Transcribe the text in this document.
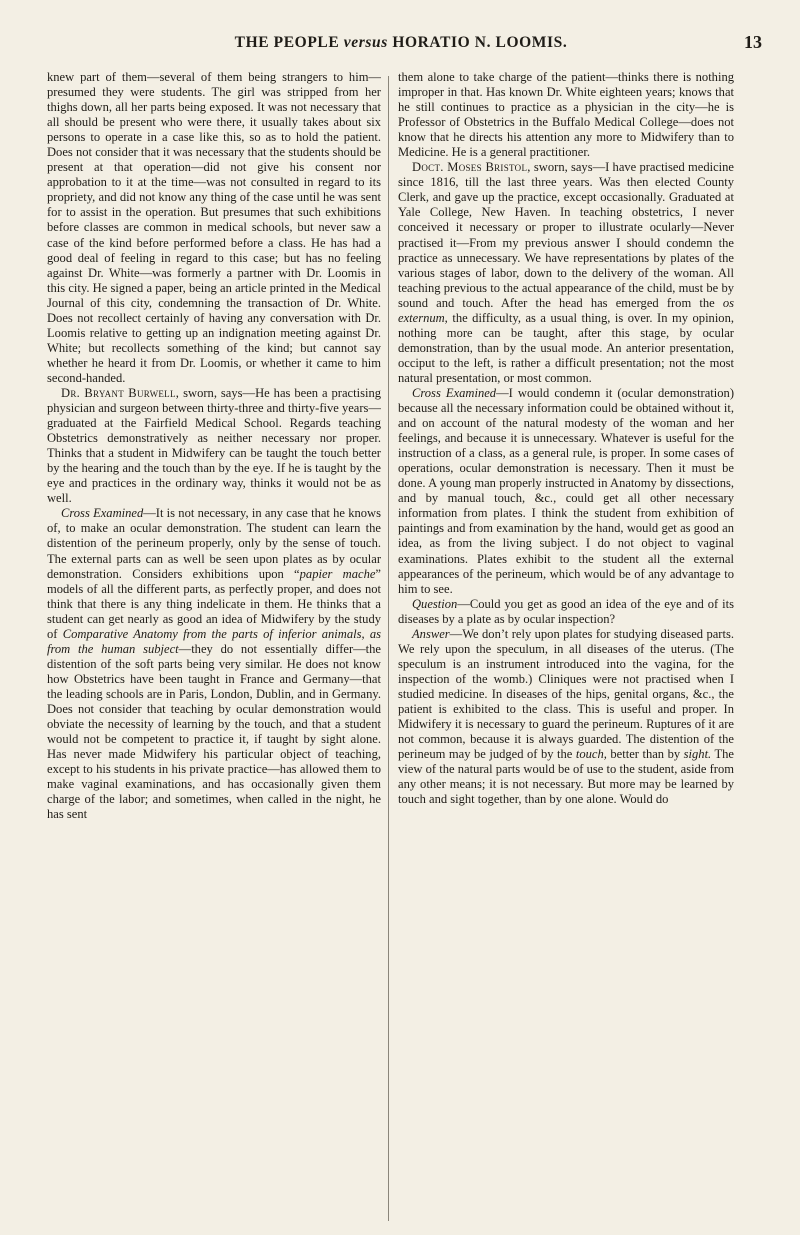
THE PEOPLE versus HORATIO N. LOOMIS.	13

knew part of them—several of them being strangers to him—presumed they were students. The girl was stripped from her thighs down, all her parts being exposed. It was not necessary that all should be present who were there, it usually takes about six persons to operate in a case like this, so as to hold the patient. Does not consider that it was necessary that the students should be present at that operation—did not give his consent nor approbation to it at the time—was not consulted in regard to its propriety, and did not know any thing of the case until he was sent for to assist in the operation. But presumes that such exhibitions before classes are common in medical schools, but never saw a case of the kind before performed before a class. He has had a good deal of feeling in regard to this case; but has no feeling against Dr. White—was formerly a partner with Dr. Loomis in this city. He signed a paper, being an article printed in the Medical Journal of this city, condemning the transaction of Dr. White. Does not recollect certainly of having any conversation with Dr. Loomis relative to getting up an indignation meeting against Dr. White; but recollects something of the kind; but cannot say whether he heard it from Dr. Loomis, or whether it came to him second-handed.

Dr. Bryant Burwell, sworn, says—He has been a practising physician and surgeon between thirty-three and thirty-five years—graduated at the Fairfield Medical School. Regards teaching Obstetrics demonstratively as neither necessary nor proper. Thinks that a student in Midwifery can be taught the touch better by the hearing and the touch than by the eye. If he is taught by the eye and practices in the ordinary way, thinks it would not be as well.

Cross Examined—It is not necessary, in any case that he knows of, to make an ocular demonstration. The student can learn the distention of the perineum properly, only by the sense of touch. The external parts can as well be seen upon plates as by ocular demonstration. Considers exhibitions upon “papier mache” models of all the different parts, as perfectly proper, and does not think that there is any thing indelicate in them. He thinks that a student can get nearly as good an idea of Midwifery by the study of Comparative Anatomy from the parts of inferior animals, as from the human subject—they do not essentially differ—the distention of the soft parts being very similar. He does not know how Obstetrics have been taught in France and Germany—that the leading schools are in Paris, London, Dublin, and in Germany. Does not consider that teaching by ocular demonstration would obviate the necessity of learning by the touch, and that a student would not be competent to practice it, if taught by sight alone. Has never made Midwifery his particular object of teaching, except to his students in his private practice—has allowed them to make vaginal examinations, and has occasionally given them charge of the labor; and sometimes, when called in the night, he has sent

them alone to take charge of the patient—thinks there is nothing improper in that. Has known Dr. White eighteen years; knows that he still continues to practice as a physician in the city—he is Professor of Obstetrics in the Buffalo Medical College—does not know that he directs his attention any more to Midwifery than to Medicine. He is a general practitioner.

Doct. Moses Bristol, sworn, says—I have practised medicine since 1816, till the last three years. Was then elected County Clerk, and gave up the practice, except occasionally. Graduated at Yale College, New Haven. In teaching obstetrics, I never conceived it necessary or proper to illustrate ocularly—Never practised it—From my previous answer I should condemn the practice as unnecessary. We have representations by plates of the various stages of labor, down to the delivery of the woman. All teaching previous to the actual appearance of the child, must be by sound and touch. After the head has emerged from the os externum, the difficulty, as a usual thing, is over. In my opinion, nothing more can be taught, after this stage, by ocular demonstration, than by the usual mode. An anterior presentation, occiput to the left, is rather a difficult presentation; not the most natural presentation, or most common.

Cross Examined—I would condemn it (ocular demonstration) because all the necessary information could be obtained without it, and on account of the natural modesty of the woman and her feelings, and because it is unnecessary. Whatever is useful for the instruction of a class, as a general rule, is proper. In some cases of operations, ocular demonstration is necessary. Then it must be done. A young man properly instructed in Anatomy by dissections, and by manual touch, &c., could get all other necessary information from plates. I think the student from exhibition of paintings and from examination by the hand, would get as good an idea, as from the living subject. I do not object to vaginal examinations. Plates exhibit to the student all the external appearances of the perineum, which would be of any advantage to him to see.

Question—Could you get as good an idea of the eye and of its diseases by a plate as by ocular inspection?

Answer—We don’t rely upon plates for studying diseased parts. We rely upon the speculum, in all diseases of the uterus. (The speculum is an instrument introduced into the vagina, for the inspection of the womb.) Cliniques were not practised when I studied medicine. In diseases of the hips, genital organs, &c., the patient is exhibited to the class. This is useful and proper. In Midwifery it is necessary to guard the perineum. Ruptures of it are not common, because it is always guarded. The distention of the perineum may be judged of by the touch, better than by sight. The view of the natural parts would be of use to the student, aside from any other means; it is not necessary. But more may be learned by touch and sight together, than by one alone. Would do
